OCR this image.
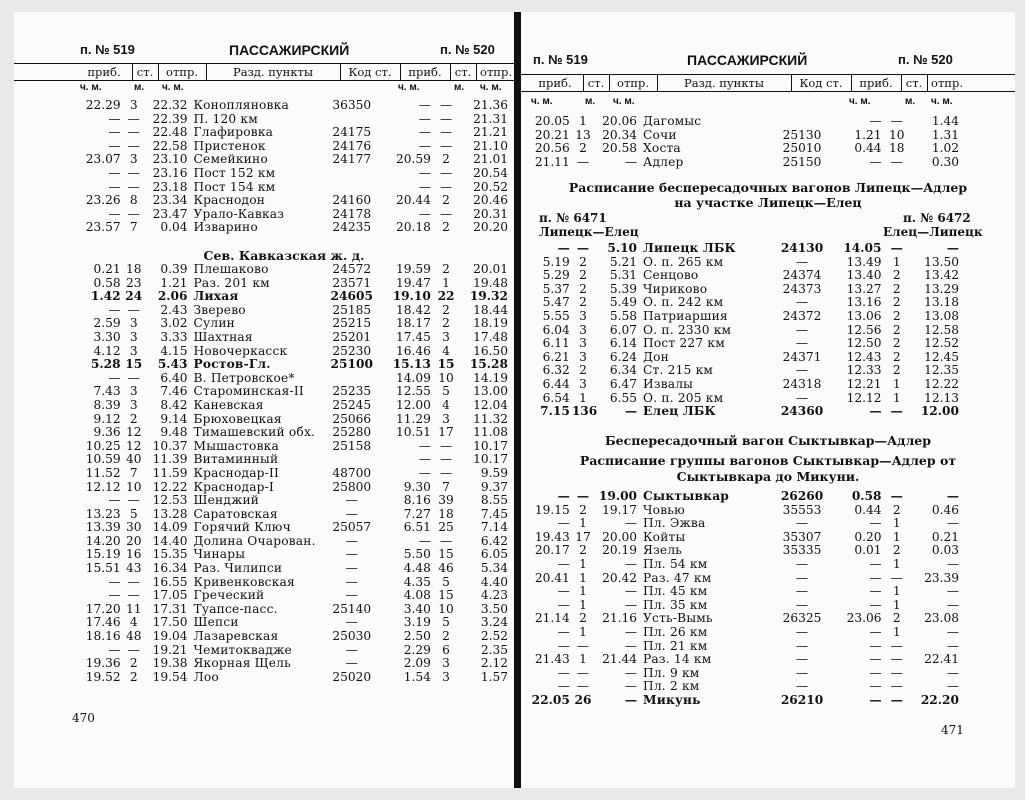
п. № 519	ПАССАЖИРСКИЙ	п. № 520
приб.	ст.	отпр.	Разд. пункты	Код ст.	приб.	ст. отпр.
ч. м.	м. ч. м.	ч. м.	м. ч. м.
22.29	3	22.32	Коноплянoвка	36350	—	—	21.36
—	—	22.39	П. 120 км		—	—	21.31
—	—	22.48	Глафировка	24175	—	—	21.21
—	—	22.58	Пристенок	24176	—	—	21.10
23.07	3	23.10	Семейкино	24177	20.59	2	21.01
—	—	23.16	Пост 152 км		—	—	20.54
—	—	23.18	Пост 154 км		—	—	20.52
23.26	8	23.34	Краснодон	24160	20.44	2	20.46
—	—	23.47	Урало-Кавказ	24178	—	—	20.31
23.57	7	0.04	Изварино	24235	20.18	2	20.20
Сев. Кавказская ж. д.
0.21	18	0.39	Плешаково	24572	19.59	2	20.01
0.58	23	1.21	Раз. 201 км	23571	19.47	1	19.48
1.42	24	2.06	Лихая	24605	19.10	22	19.32
—	—	2.43	Зверево	25185	18.42	2	18.44
2.59	3	3.02	Сулин	25215	18.17	2	18.19
3.30	3	3.33	Шахтная	25201	17.45	3	17.48
4.12	3	4.15	Новочеркасск	25230	16.46	4	16.50
5.28	15	5.43	Ростов-Гл.	25100	15.13	15	15.28
—	—	6.40	В. Петровское*		14.09	10	14.19
7.43	3	7.46	Староминская-II	25235	12.55	5	13.00
8.39	3	8.42	Каневская	25245	12.00	4	12.04
9.12	2	9.14	Брюховецкая	25066	11.29	3	11.32
9.36	12	9.48	Тимашевский обх.	25280	10.51	17	11.08
10.25	12	10.37	Мышастовка	25158	—	—	10.17
10.59	40	11.39	Витаминный		—	—	10.17
11.52	7	11.59	Краснодар-II	48700	—	—	9.59
12.12	10	12.22	Краснодар-I	25800	9.30	7	9.37
—	—	12.53	Шенджий	—	8.16	39	8.55
13.23	5	13.28	Саратовская	—	7.27	18	7.45
13.39	30	14.09	Горячий Ключ	25057	6.51	25	7.14
14.20	20	14.40	Долина Очарован.	—	—	—	6.42
15.19	16	15.35	Чинары	—	5.50	15	6.05
15.51	43	16.34	Раз. Чилипси	—	4.48	46	5.34
—	—	16.55	Кривенковская	—	4.35	5	4.40
—	—	17.05	Греческий	—	4.08	15	4.23
17.20	11	17.31	Туапсе-пасс.	25140	3.40	10	3.50
17.46	4	17.50	Шепси	—	3.19	5	3.24
18.16	48	19.04	Лазаревская	25030	2.50	2	2.52
—	—	19.21	Чемитоквадже	—	2.29	6	2.35
19.36	2	19.38	Якорная Щель	—	2.09	3	2.12
19.52	2	19.54	Лоо	25020	1.54	3	1.57
470
п. № 519	ПАССАЖИРСКИЙ	п. № 520
приб.	ст.	отпр.	Разд. пункты	Код ст.	приб.	ст. отпр.
ч. м.	м. ч. м.	ч. м.	м. ч. м.
20.05	1	20.06	Дагомыс		—	—	1.44
20.21	13	20.34	Сочи	25130	1.21	10	1.31
20.56	2	20.58	Хоста	25010	0.44	18	1.02
21.11	—	—	Адлер	25150	—	—	0.30
Расписание беспересадочных вагонов Липецк—Адлер
на участке Липецк—Елец
п. № 6471	п. № 6472
Липецк—Елец	Елец—Липецк
—	—	5.10	Липецк ЛБК	24130	14.05	—	—
5.19	2	5.21	О. п. 265 км	—	13.49	1	13.50
5.29	2	5.31	Сенцово	24374	13.40	2	13.42
5.37	2	5.39	Чириково	24373	13.27	2	13.29
5.47	2	5.49	О. п. 242 км	—	13.16	2	13.18
5.55	3	5.58	Патриаршия	24372	13.06	2	13.08
6.04	3	6.07	О. п. 2330 км	—	12.56	2	12.58
6.11	3	6.14	Пост 227 км	—	12.50	2	12.52
6.21	3	6.24	Дон	24371	12.43	2	12.45
6.32	2	6.34	Ст. 215 км	—	12.33	2	12.35
6.44	3	6.47	Извалы	24318	12.21	1	12.22
6.54	1	6.55	О. п. 205 км	—	12.12	1	12.13
7.15	136	—	Елец ЛБК	24360	—	—	12.00
Беспересадочный вагон Сыктывкар—Адлер
Расписание группы вагонов Сыктывкар—Адлер от
Сыктывкара до Микуни.
—	—	19.00	Сыктывкар	26260	0.58	—	—
19.15	2	19.17	Човью	35553	0.44	2	0.46
—	1	—	Пл. Эжва	—	—	1	—
19.43	17	20.00	Койты	35307	0.20	1	0.21
20.17	2	20.19	Язель	35335	0.01	2	0.03
—	1	—	Пл. 54 км	—	—	1	—
20.41	1	20.42	Раз. 47 км	—	—	—	23.39
—	1	—	Пл. 45 км	—	—	1	—
—	1	—	Пл. 35 км	—	—	1	—
21.14	2	21.16	Усть-Вымь	26325	23.06	2	23.08
—	1	—	Пл. 26 км	—	—	1	—
—	—	—	Пл. 21 км	—	—	—	—
21.43	1	21.44	Раз. 14 км	—	—	—	22.41
—	—	—	Пл. 9 км	—	—	—	—
—	—	—	Пл. 2 км	—	—	—	—
22.05	26	—	Микунь	26210	—	—	22.20
471
